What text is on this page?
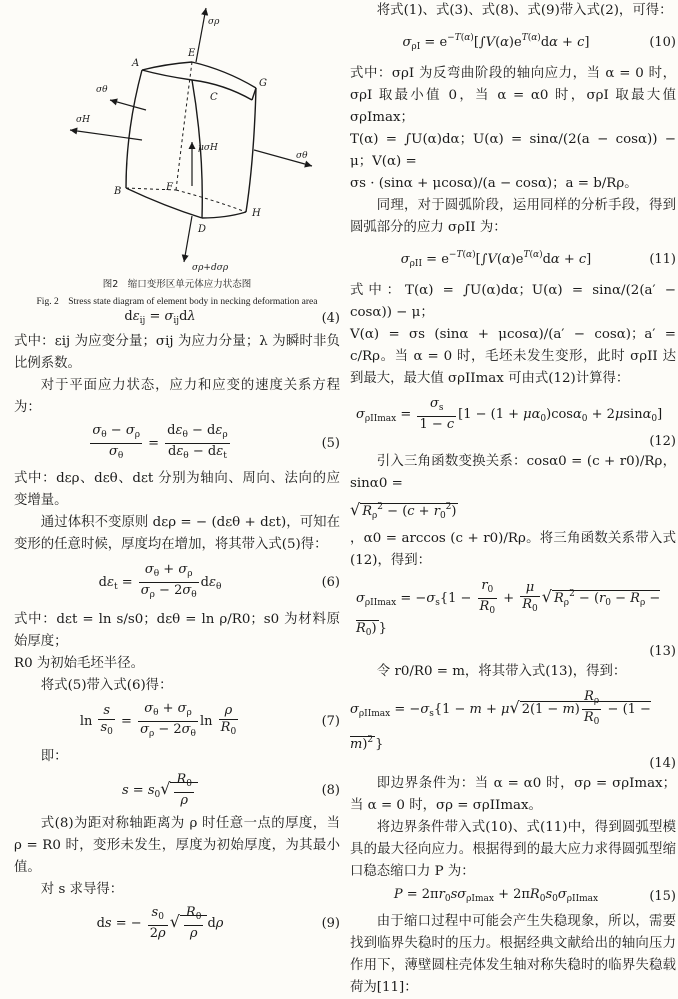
A
E
G
C
B	F
D
H
σρ
σρ+dσρ
σθ
σθ
σH
μσH
图2　缩口变形区单元体应力状态图
Fig. 2　Stress state diagram of element body in necking deformation area
$d\varepsilon_{ij} = \sigma_{ij}d\lambda$	(4)

式中：εij 为应变分量；σij 为应力分量；λ 为瞬时非负比例系数。

对于平面应力状态，应力和应变的速度关系方程为：

$\frac{\sigma_\theta - \sigma_\rho}{\sigma_\theta} = \frac{d\varepsilon_\theta - d\varepsilon_\rho}{d\varepsilon_\theta - d\varepsilon_t}$	(5)

式中：dερ、dεθ、dεt 分别为轴向、周向、法向的应变增量。

通过体积不变原则 dερ = − (dεθ + dεt)，可知在变形的任意时候，厚度均在增加，将其带入式(5)得：

$d\varepsilon_t = \frac{\sigma_\theta + \sigma_\rho}{\sigma_\rho - 2\sigma_\theta} d\varepsilon_\theta$	(6)

式中：dεt = ln s/s0；dεθ = ln ρ/R0；s0 为材料原始厚度；

R0 为初始毛坯半径。

将式(5)带入式(6)得：

$\ln \frac{s}{s_0} = \frac{\sigma_\theta + \sigma_\rho}{\sigma_\rho - 2\sigma_\theta}$ $\ln \frac{\rho}{R_0}$	(7)

即：

$s = s_0√ \frac{R_0}{\rho}$	(8)

式(8)为距对称轴距离为 ρ 时任意一点的厚度，当 ρ = R0 时，变形未发生，厚度为初始厚度，为其最小值。

对 s 求导得：

ds = − $\frac{s_0}{2\rho}$ √ $\frac{R_0}{\rho}$ dρ	(9)

将式(1)、式(3)、式(8)、式(9)带入式(2)，可得：

$\sigma_{\rho I} = e^{-T(\alpha)}[\int V(\alpha)e^{T(\alpha)}d\alpha + c]$	(10)

式中：σρI 为反弯曲阶段的轴向应力，当 α = 0 时，σρI 取最小值 0，当 α = α0 时，σρI 取最大值 σρImax；

T(α) = ∫U(α)dα；U(α) = sinα/(2(a − cosα)) − μ；V(α) =

σs · (sinα + μcosα)/(a − cosα)；a = b/Rρ。

同理，对于圆弧阶段，运用同样的分析手段，得到圆弧部分的应力 σρII 为：

$\sigma_{\rho II} = e^{-T(\alpha)}[\int V(\alpha)e^{T(\alpha)}d\alpha + c]$	(11)

式中：T(α) = ∫U(α)dα；U(α) = sinα/(2(a′ − cosα)) − μ；

V(α) = σs (sinα + μcosα)/(a′ − cosα)；a′ = c/Rρ。当 α = 0 时，毛坯未发生变形，此时 σρII 达到最大，最大值 σρIImax 可由式(12)计算得：

$\sigma_{\rho IImax} = \frac{\sigma_s}{1 - c} [1 - (1 + \mu\alpha_0)\cos\alpha_0 + 2\mu\sin\alpha_0]$
(12)

引入三角函数变换关系：cosα0 = (c + r0)/Rρ，sinα0 =

√ $R_\rho^2 - (c + r_0^2)$

，α0 = arccos (c + r0)/Rρ。将三角函数关系带入式(12)，得到：

$\sigma_{\rho IImax} = -\sigma_s\{1 - \frac{r_0}{R_0} + \frac{\mu}{R_0}$ √ $R_\rho^2 - (r_0 - R_\rho - R_0)$ }
(13)

令 r0/R0 = m，将其带入式(13)，得到：

$\sigma_{\rho IImax} = -\sigma_s\{1 - m + \mu√$ $2(1 - m) \frac{R_\rho}{R_0} - (1 - m)^2$ }
(14)

即边界条件为：当 α = α0 时，σρ = σρImax；当 α = 0 时，σρ = σρIImax。

将边界条件带入式(10)、式(11)中，得到圆弧型模具的最大径向应力。根据得到的最大应力求得圆弧型缩口稳态缩口力 P 为：

$P = 2\pi r_0s\sigma_{\rho Imax} + 2\pi R_0s_0\sigma_{\rho IImax}$	(15)

由于缩口过程中可能会产生失稳现象，所以，需要找到临界失稳时的压力。根据经典文献给出的轴向压力作用下，薄壁圆柱壳体发生轴对称失稳时的临界失稳载荷为[11]：
